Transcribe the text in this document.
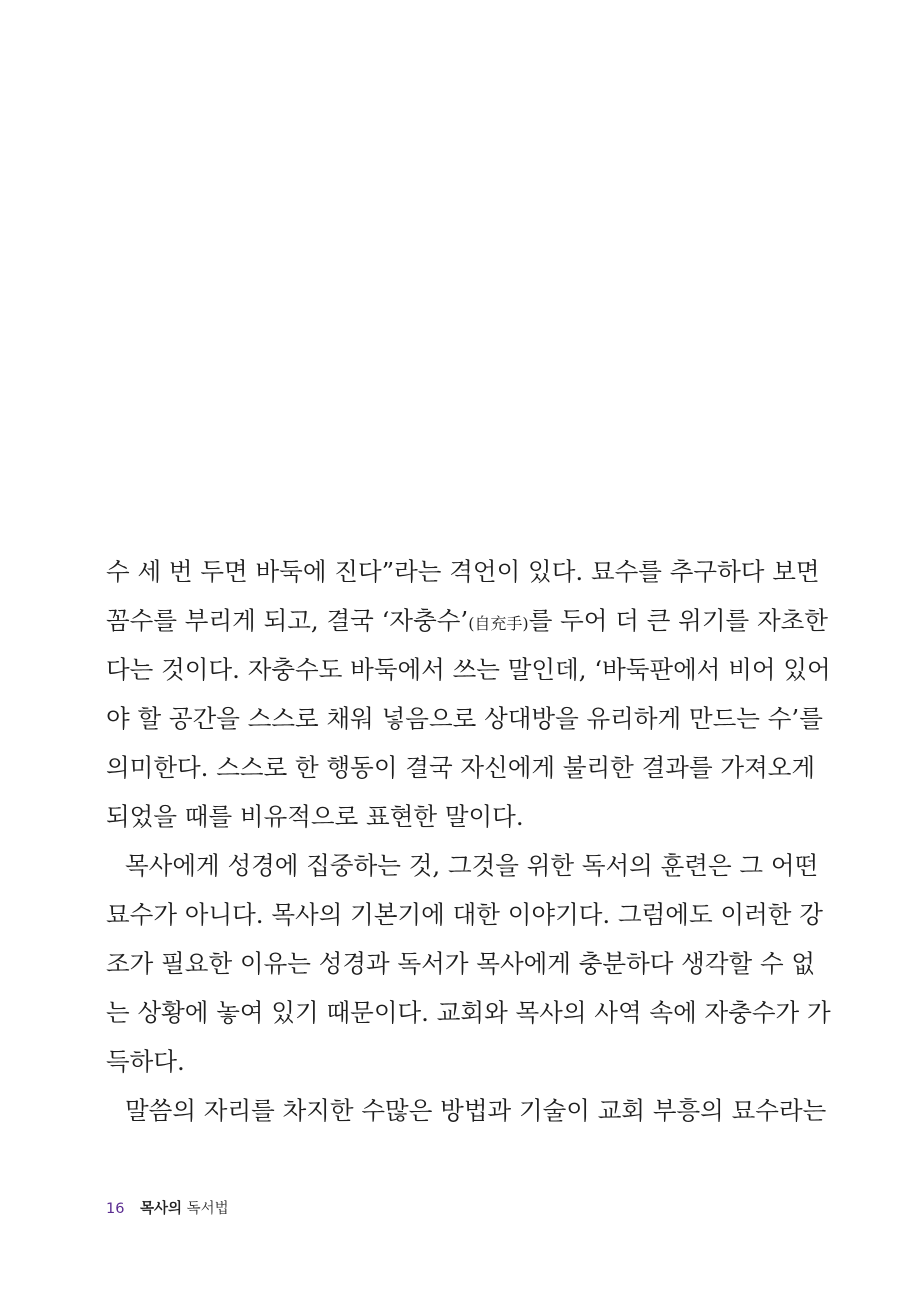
수 세 번 두면 바둑에 진다”라는 격언이 있다. 묘수를 추구하다 보면
꼼수를 부리게 되고, 결국 ‘자충수’(自充手)를 두어 더 큰 위기를 자초한
다는 것이다. 자충수도 바둑에서 쓰는 말인데, ‘바둑판에서 비어 있어
야 할 공간을 스스로 채워 넣음으로 상대방을 유리하게 만드는 수’를
의미한다. 스스로 한 행동이 결국 자신에게 불리한 결과를 가져오게
되었을 때를 비유적으로 표현한 말이다.
목사에게 성경에 집중하는 것, 그것을 위한 독서의 훈련은 그 어떤
묘수가 아니다. 목사의 기본기에 대한 이야기다. 그럼에도 이러한 강
조가 필요한 이유는 성경과 독서가 목사에게 충분하다 생각할 수 없
는 상황에 놓여 있기 때문이다. 교회와 목사의 사역 속에 자충수가 가
득하다.
말씀의 자리를 차지한 수많은 방법과 기술이 교회 부흥의 묘수라는
16 목사의 독서법
